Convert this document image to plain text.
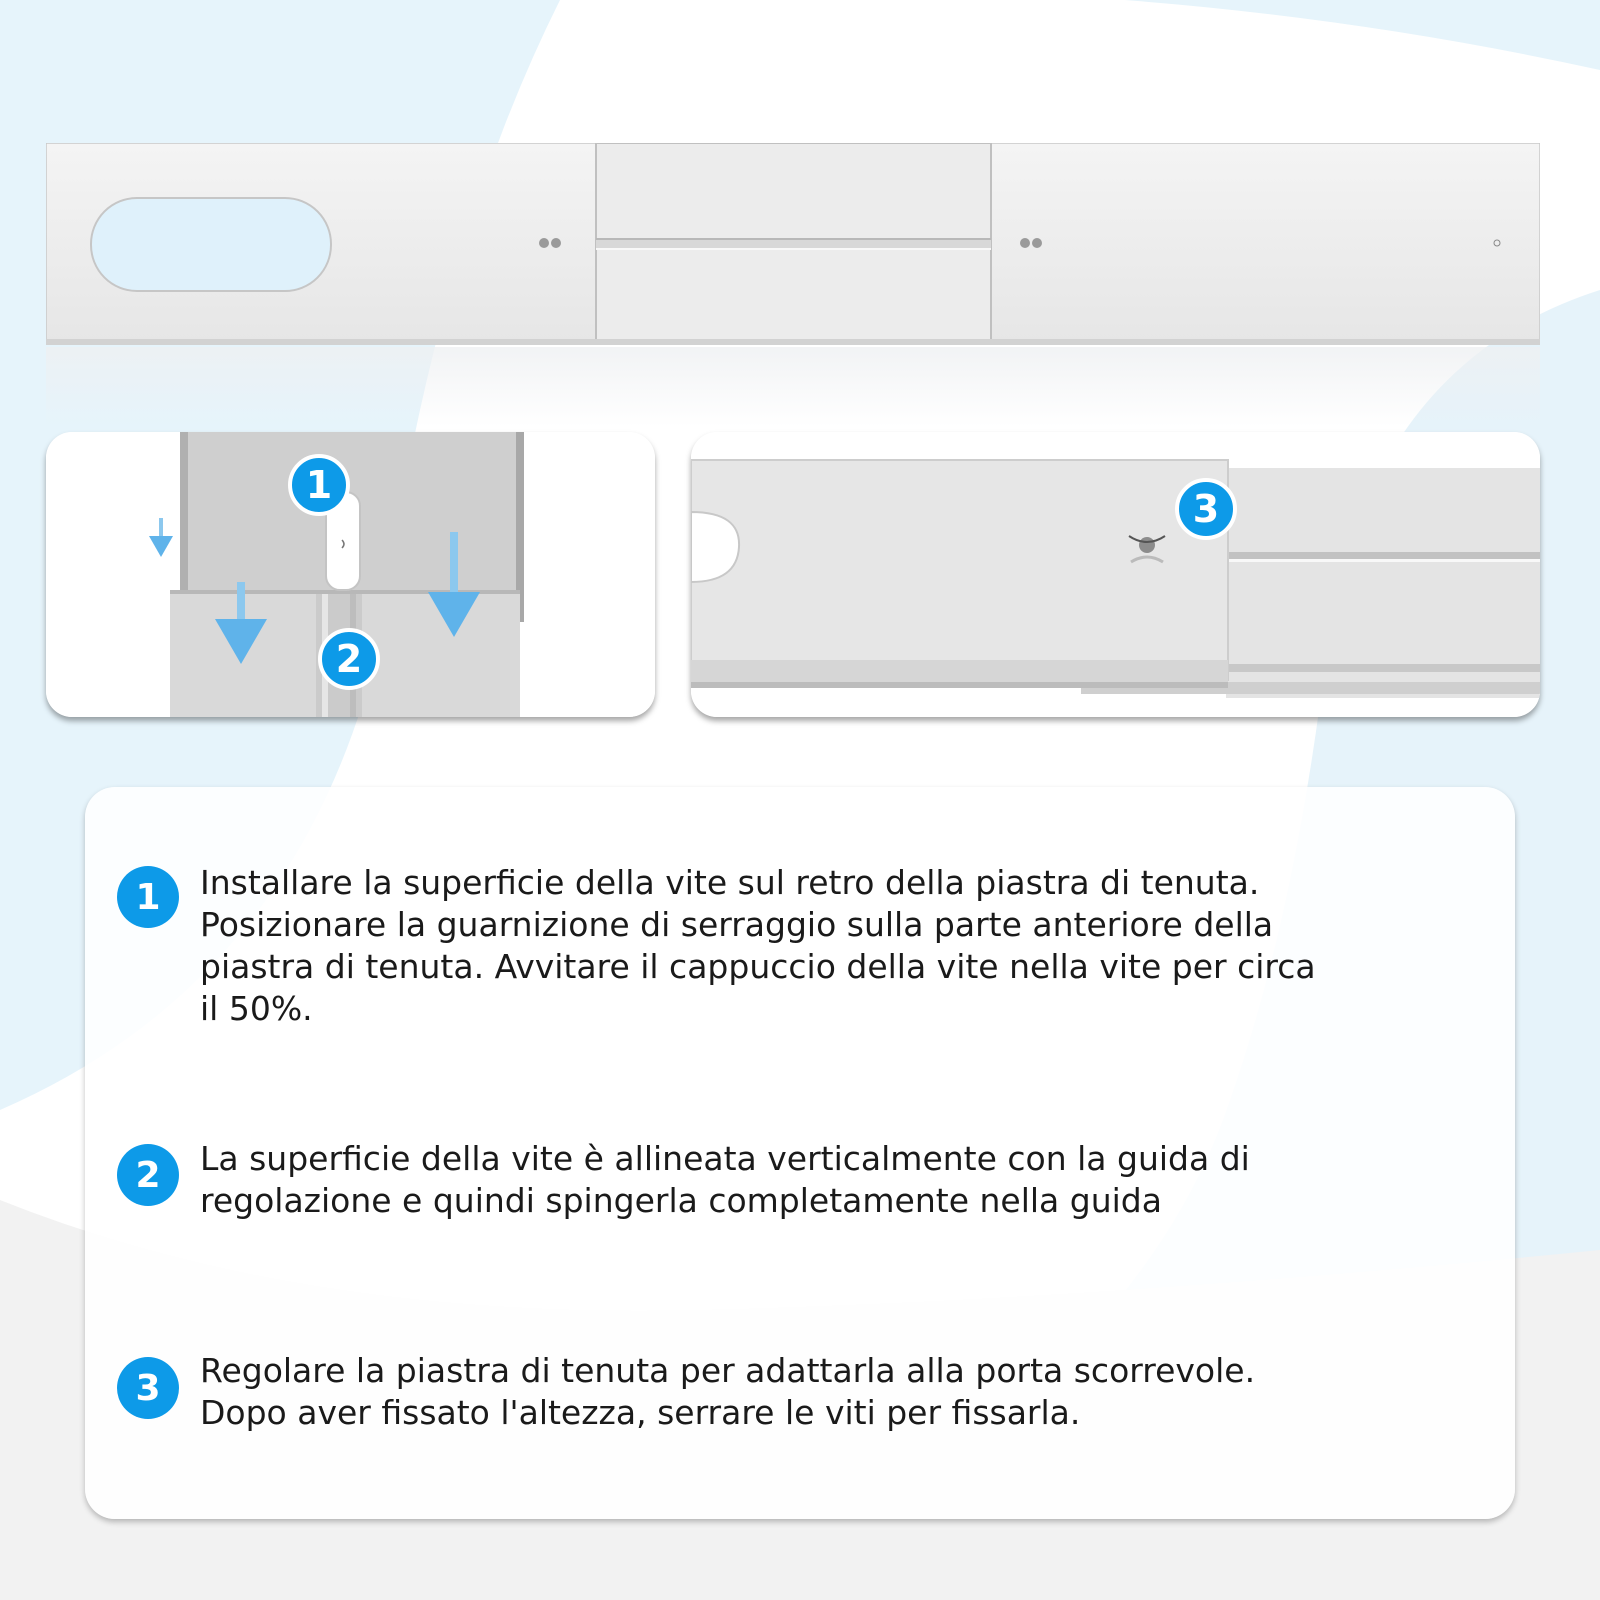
1
2
3
1	Installare la superficie della vite sul retro della piastra di tenuta.
Posizionare la guarnizione di serraggio sulla parte anteriore della
piastra di tenuta. Avvitare il cappuccio della vite nella vite per circa
il 50%.
2	La superficie della vite è allineata verticalmente con la guida di
regolazione e quindi spingerla completamente nella guida
3	Regolare la piastra di tenuta per adattarla alla porta scorrevole.
Dopo aver fissato l'altezza, serrare le viti per fissarla.
